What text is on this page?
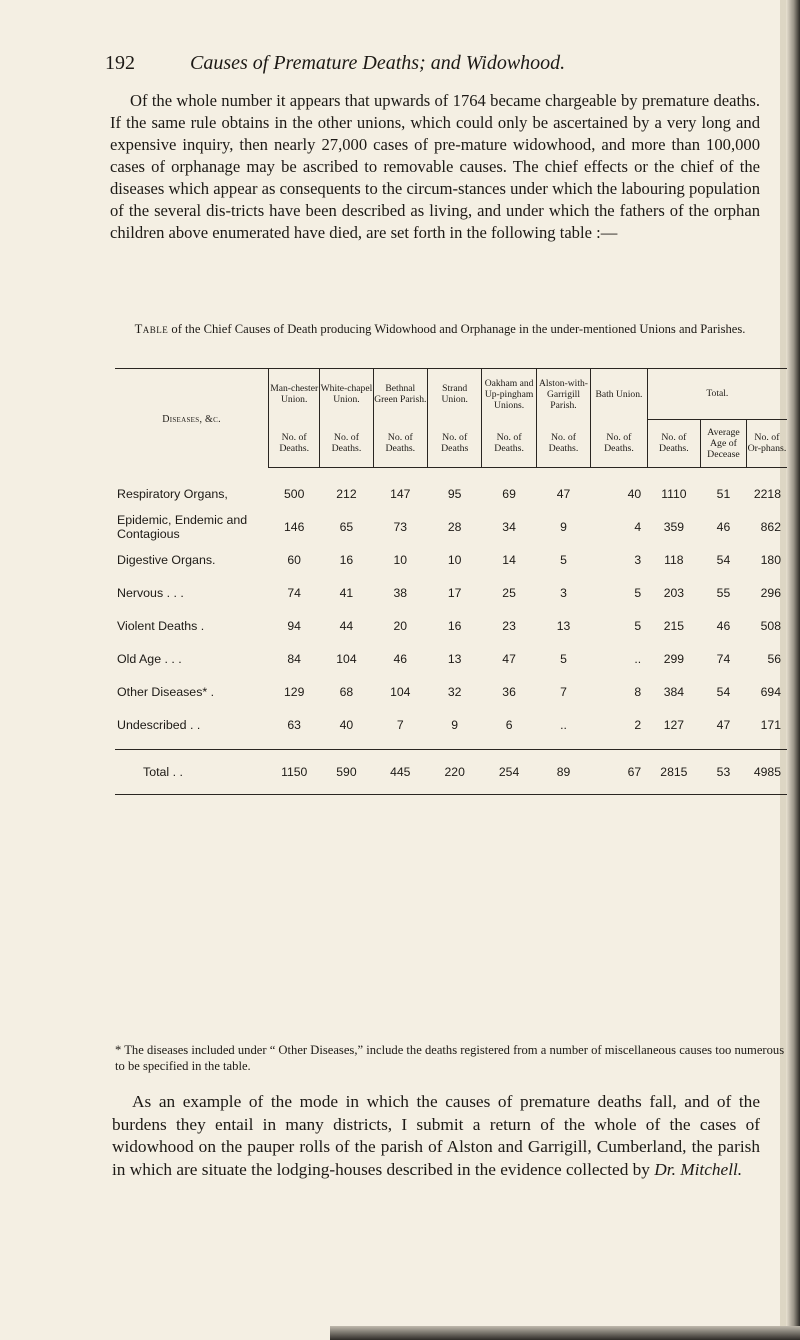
192	Causes of Premature Deaths; and Widowhood.

Of the whole number it appears that upwards of 1764 became chargeable by premature deaths. If the same rule obtains in the other unions, which could only be ascertained by a very long and expensive inquiry, then nearly 27,000 cases of pre-mature widowhood, and more than 100,000 cases of orphanage may be ascribed to removable causes. The chief effects or the chief of the diseases which appear as consequents to the circum-stances under which the labouring population of the several dis-tricts have been described as living, and under which the fathers of the orphan children above enumerated have died, are set forth in the following table :—

Table of the Chief Causes of Death producing Widowhood and Orphanage in the under-mentioned Unions and Parishes.
Diseases, &c.	Man-chester Union.	White-chapel Union.	Bethnal Green Parish.	Strand Union.	Oakham and Up-pingham Unions.	Alston-with-Garrigill Parish.	Bath Union.	Total.		

	No. of Deaths.	No. of Deaths.	No. of Deaths.	No. of Deaths	No. of Deaths.	No. of Deaths.	No. of Deaths.	No. of Deaths.	Average Age of Decease	No. of Or-phans.

Respiratory Organs,	500	212	147	95	69	47	40	1110	51	2218
Epidemic, Endemic and Contagious	146	65	73	28	34	9	4	359	46	862
Digestive Organs.	60	16	10	10	14	5	3	118	54	180
Nervous . . .	74	41	38	17	25	3	5	203	55	296
Violent Deaths .	94	44	20	16	23	13	5	215	46	508
Old Age . . .	84	104	46	13	47	5	..	299	74	56
Other Diseases* .	129	68	104	32	36	7	8	384	54	694
Undescribed . .	63	40	7	9	6	..	2	127	47	171

Total . .	1150	590	445	220	254	89	67	2815	53	4985
* The diseases included under “ Other Diseases,” include the deaths registered from a number of miscellaneous causes too numerous to be specified in the table.
As an example of the mode in which the causes of premature deaths fall, and of the burdens they entail in many districts, I submit a return of the whole of the cases of widowhood on the pauper rolls of the parish of Alston and Garrigill, Cumberland, the parish in which are situate the lodging-houses described in the evidence collected by Dr. Mitchell.
